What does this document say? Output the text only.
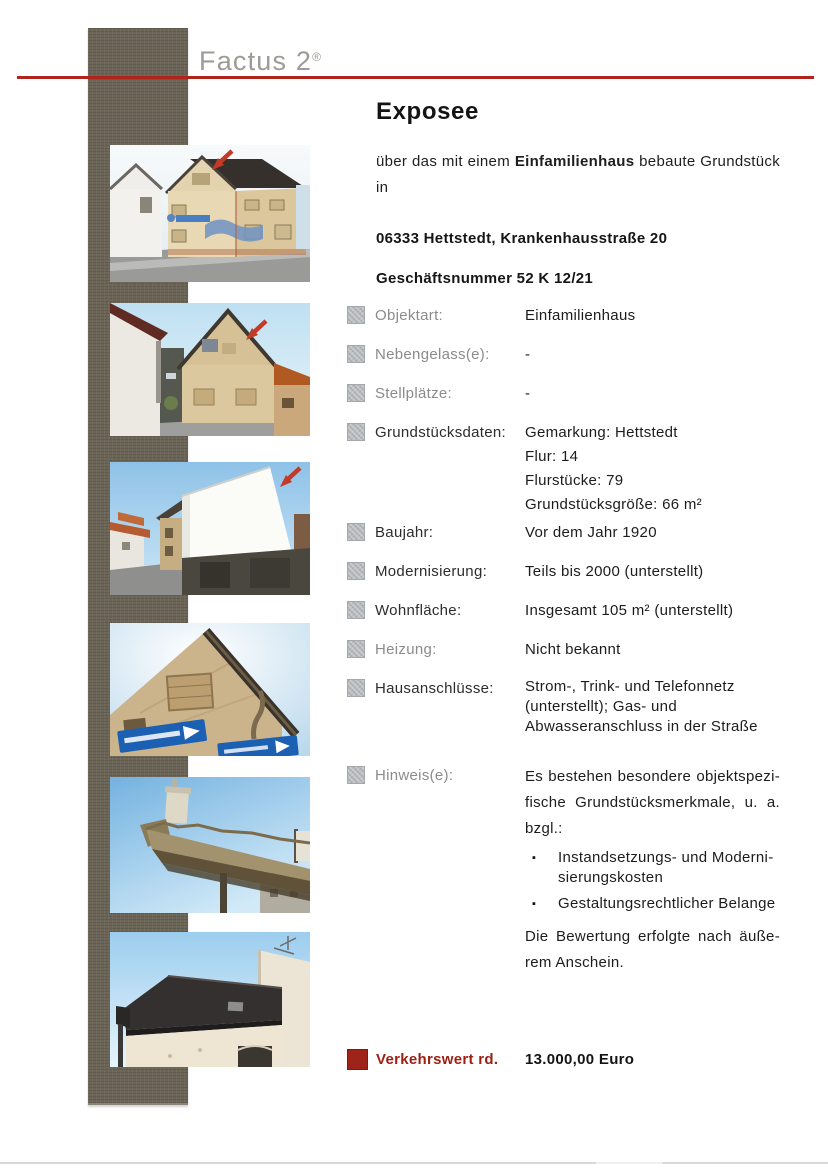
Factus 2®
Exposee
über das mit einem Einfamilienhaus bebaute Grundstück
in
06333 Hettstedt, Krankenhausstraße 20
Geschäftsnummer 52 K 12/21
Objektart:	Einfamilienhaus
Nebengelass(e):	-
Stellplätze:	-
Grundstücksdaten:	Gemarkung: Hettstedt
Flur: 14
Flurstücke: 79
Grundstücksgröße: 66 m²
Baujahr:	Vor dem Jahr 1920
Modernisierung:	Teils bis 2000 (unterstellt)
Wohnfläche:	Insgesamt 105 m² (unterstellt)
Heizung:	Nicht bekannt
Hausanschlüsse:	Strom-, Trink- und Telefonnetz
(unterstellt); Gas- und
Abwasseranschluss in der Straße
Hinweis(e):	Es bestehen besondere objektspezi-
fische Grundstücksmerkmale, u. a.
bzgl.:
▪	Instandsetzungs- und Moderni-
sierungskosten
▪	Gestaltungsrechtlicher Belange
Die Bewertung erfolgte nach äuße-
rem Anschein.
Verkehrswert rd.	13.000,00 Euro
